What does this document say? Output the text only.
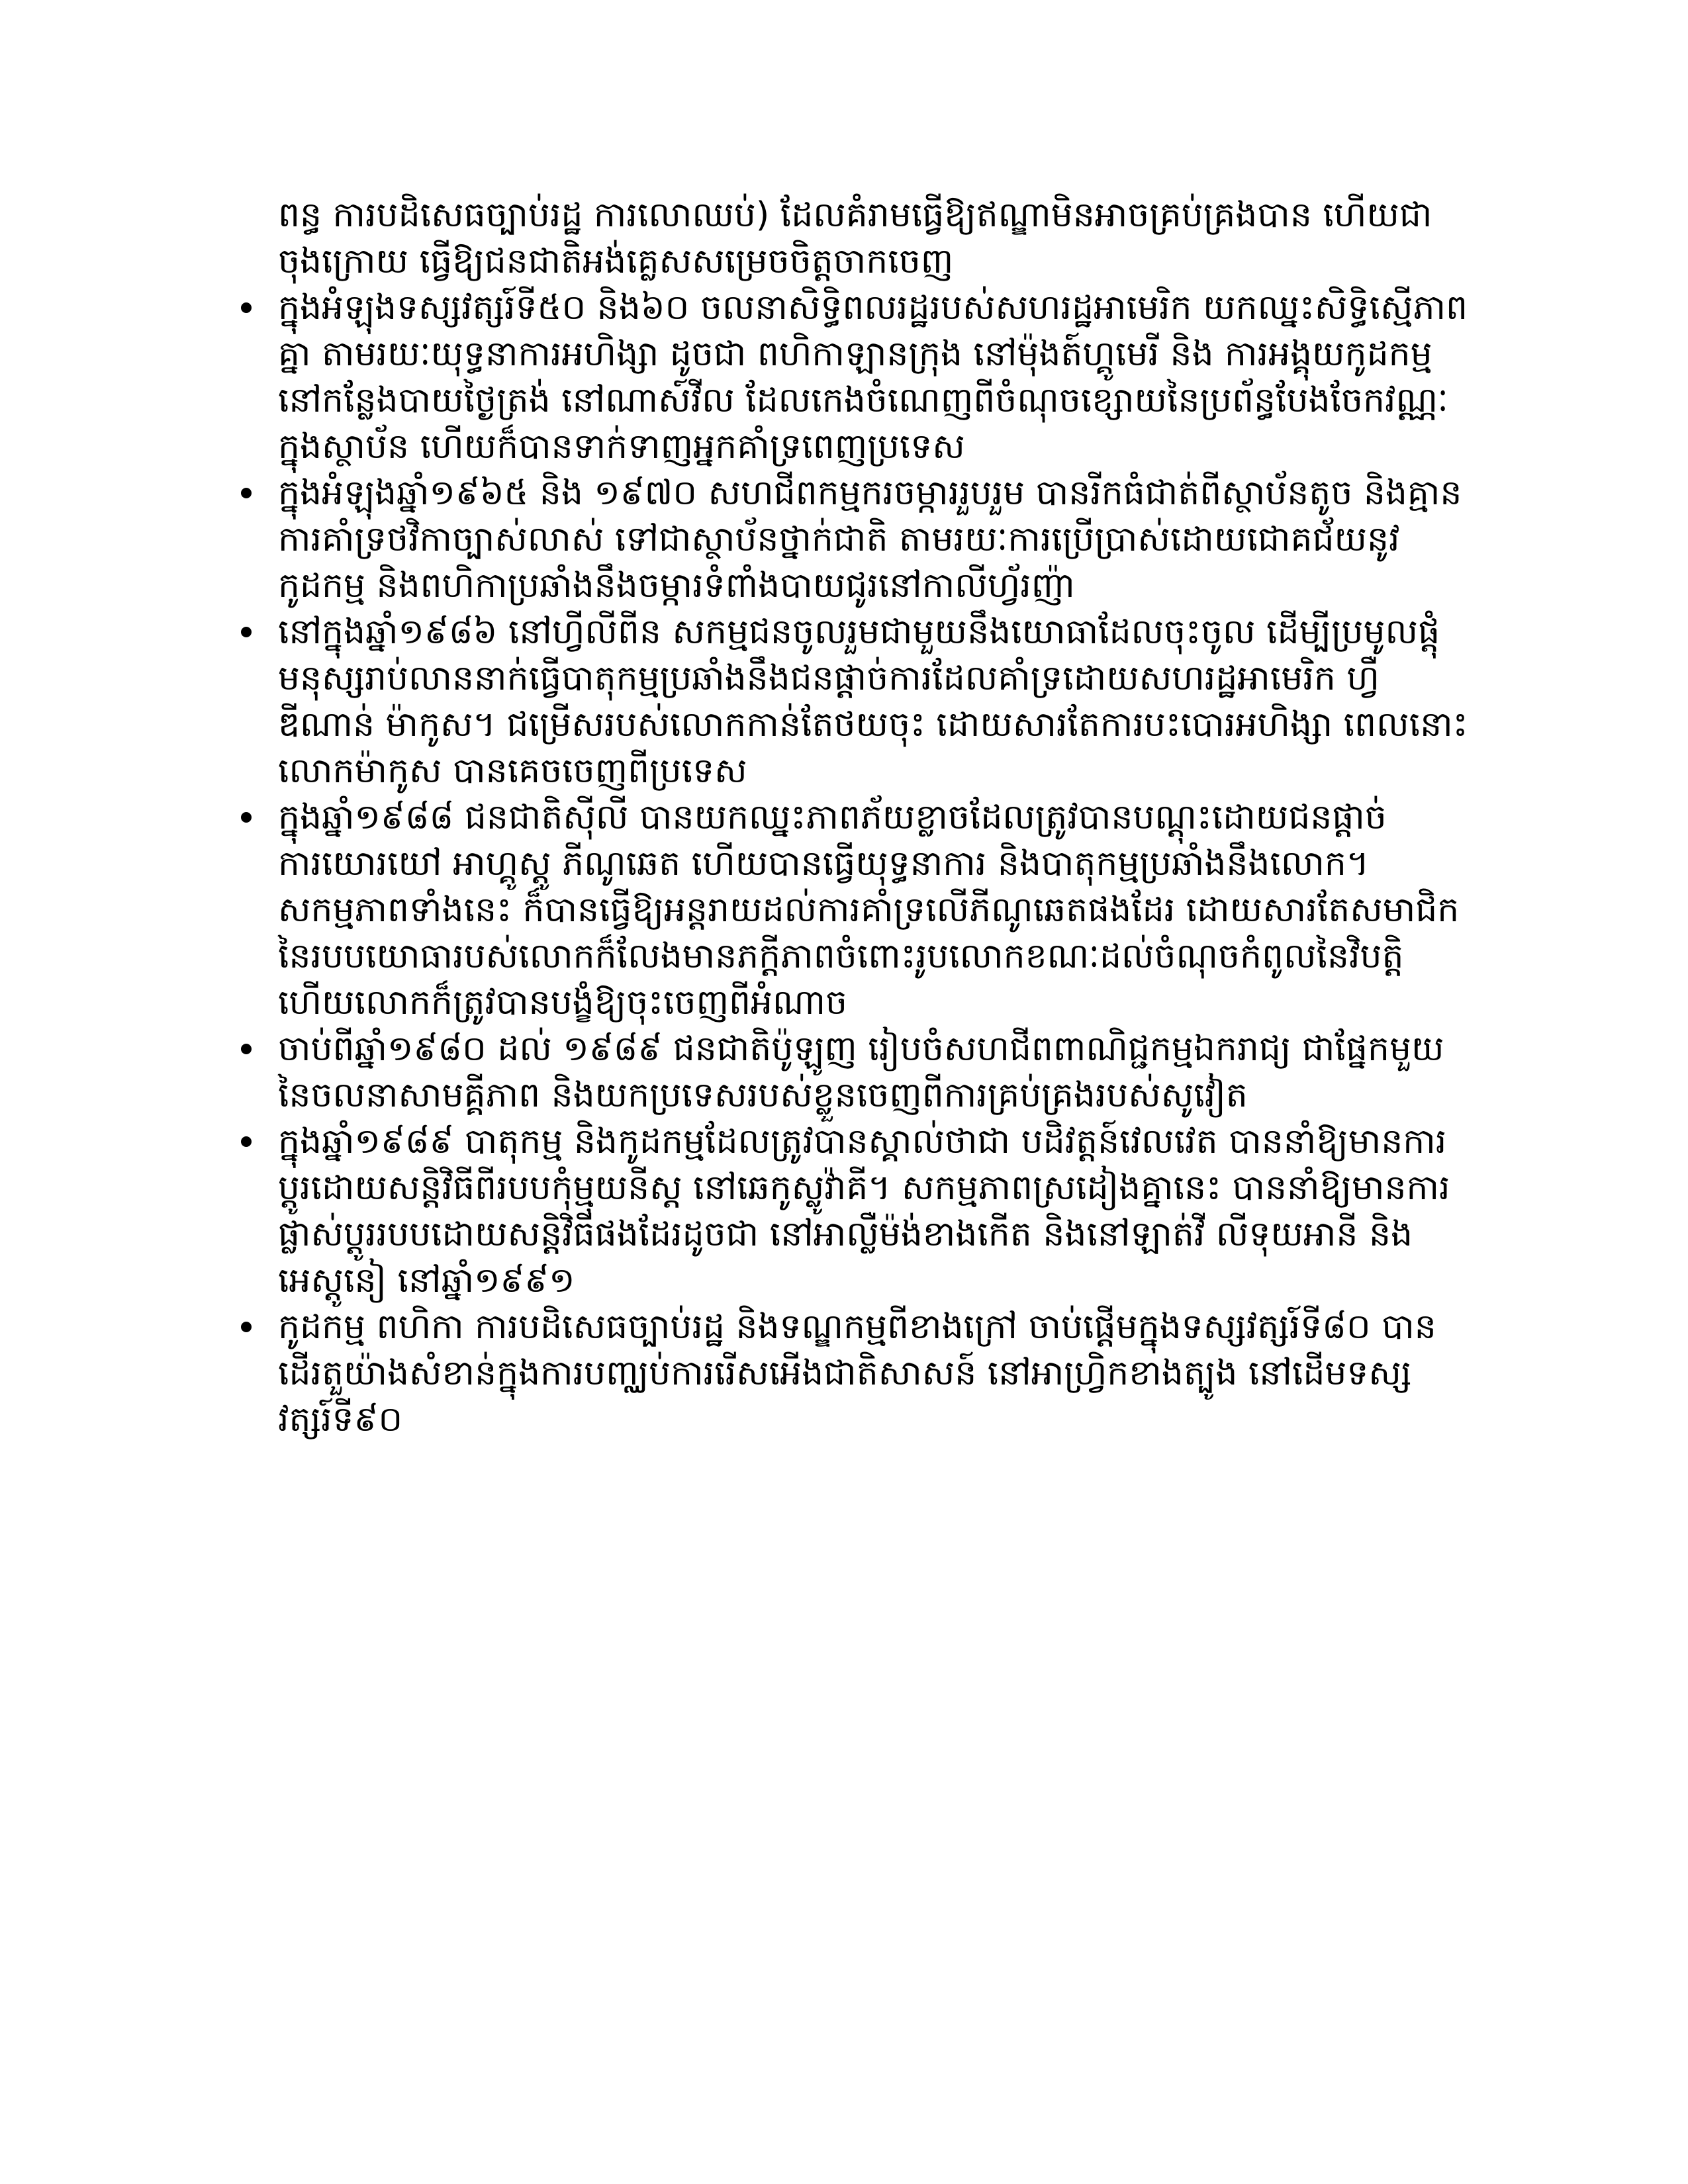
ពន្ធ ការបដិសេធច្បាប់រដ្ឋ ការលោឈប់) ដែលគំរាមធ្វើឱ្យឥណ្ឌាមិនអាចគ្រប់គ្រងបាន ហើយជាចុងក្រោយ ធ្វើឱ្យជនជាតិអង់គ្លេសសម្រេចចិត្តចាកចេញ

ក្នុងអំឡុងទស្សវត្សរ៍ទី៥០ និង៦០ ចលនាសិទ្ធិពលរដ្ឋរបស់សហរដ្ឋអាមេរិក យកឈ្នះសិទ្ធិស្មើភាពគ្នា តាមរយៈយុទ្ធនាការអហិង្សា ដូចជា ពហិកាឡានក្រុង នៅម៉ុងត៍ហ្គូមេរី និង ការអង្គុយកូដកម្មនៅកន្លែងបាយថ្ងៃត្រង់ នៅណាស៍វីល ដែលកេងចំណេញពីចំណុចខ្សោយនៃប្រព័ន្ធបែងចែកវណ្ណៈក្នុងស្ថាប័ន ហើយក៏បានទាក់ទាញអ្នកគាំទ្រពេញប្រទេស
ក្នុងអំឡុងឆ្នាំ១៩៦៥ និង ១៩៧០ សហជីពកម្មករចម្ការរួបរួម បានរីកធំជាត់ពីស្ថាប័នតូច និងគ្មានការគាំទ្រថវិកាច្បាស់លាស់ ទៅជាស្ថាប័នថ្នាក់ជាតិ តាមរយៈការប្រើប្រាស់ដោយជោគជ័យនូវកូដកម្ម និងពហិកាប្រឆាំងនឹងចម្ការទំពាំងបាយជូរនៅកាលីហ្វ័រញ៉ា
នៅក្នុងឆ្នាំ១៩៨៦ នៅហ្វីលីពីន សកម្មជនចូលរួមជាមួយនឹងយោធាដែលចុះចូល ដើម្បីប្រមូលផ្តុំមនុស្សរាប់លាននាក់ធ្វើបាតុកម្មប្រឆាំងនឹងជនផ្តាច់ការដែលគាំទ្រដោយសហរដ្ឋអាមេរិក ហ្វឺឌីណាន់ ម៉ាកូស។ ជម្រើសរបស់លោកកាន់តែថយចុះ ដោយសារតែការបះបោរអហិង្សា ពេលនោះលោកម៉ាកូស បានគេចចេញពីប្រទេស
ក្នុងឆ្នាំ១៩៨៨ ជនជាតិស៊ីលី បានយកឈ្នះភាពភ័យខ្លាចដែលត្រូវបានបណ្តុះដោយជនផ្តាច់ការយោរយៅ អាហ្គូស្តូ ភីណូឆេត ហើយបានធ្វើយុទ្ធនាការ និងបាតុកម្មប្រឆាំងនឹងលោក។ សកម្មភាពទាំងនេះ ក៏បានធ្វើឱ្យអន្តរាយដល់ការគាំទ្រលើភីណូឆេតផងដែរ ដោយសារតែសមាជិកនៃរបបយោធារបស់លោកក៏លែងមានភក្តីភាពចំពោះរូបលោកខណៈដល់ចំណុចកំពូលនៃវិបត្តិ ហើយលោកក៏ត្រូវបានបង្ខំឱ្យចុះចេញពីអំណាច
ចាប់ពីឆ្នាំ១៩៨០ ដល់ ១៩៨៩ ជនជាតិប៉ូឡូញ រៀបចំសហជីពពាណិជ្ជកម្មឯករាជ្យ ជាផ្នែកមួយនៃចលនាសាមគ្គីភាព និងយកប្រទេសរបស់ខ្លួនចេញពីការគ្រប់គ្រងរបស់សូវៀត
ក្នុងឆ្នាំ១៩៨៩ បាតុកម្ម និងកូដកម្មដែលត្រូវបានស្គាល់ថាជា បដិវត្តន៍វេលវេត បាននាំឱ្យមានការប្តូរដោយសន្តិវិធីពីរបបកុំម្មុយនីស្ត នៅឆេកូស្លូវ៉ាគី។ សកម្មភាពស្រដៀងគ្នានេះ បាននាំឱ្យមានការផ្លាស់ប្តូររបបដោយសន្តិវិធីផងដែរដូចជា នៅអាល្លឺម៉ង់ខាងកើត និងនៅឡាត់វី លីទុយអានី និងអេស្តូនៀ នៅឆ្នាំ១៩៩១
កូដកម្ម ពហិកា ការបដិសេធច្បាប់រដ្ឋ និងទណ្ឌកម្មពីខាងក្រៅ ចាប់ផ្តើមក្នុងទស្សវត្សរ៍ទី៨០ បានដើរតួយ៉ាងសំខាន់ក្នុងការបញ្ឈប់ការរើសអើងជាតិសាសន៍ នៅអាហ្វ្រិកខាងត្បូង នៅដើមទស្សវត្សរ៍ទី៩០
